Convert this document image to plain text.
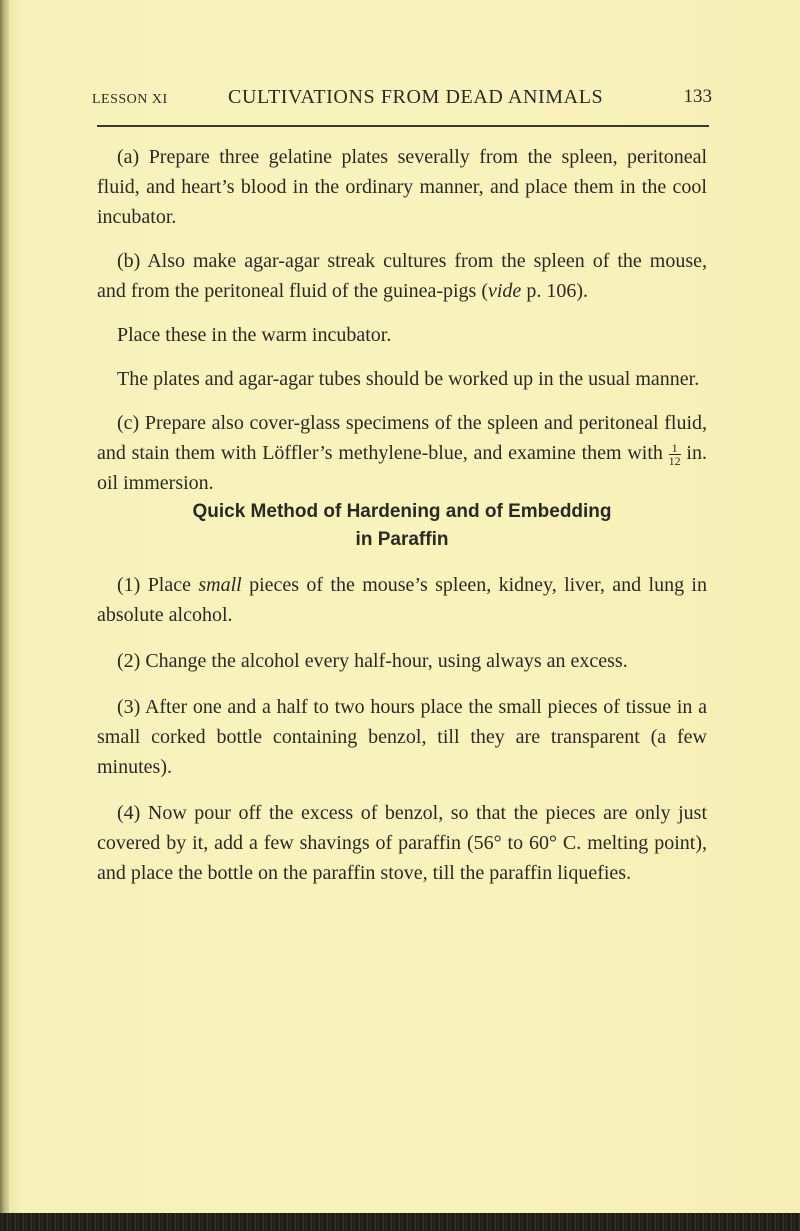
LESSON XI	CULTIVATIONS FROM DEAD ANIMALS	133

(a) Prepare three gelatine plates severally from the spleen, peritoneal fluid, and heart’s blood in the ordinary manner, and place them in the cool incubator.

(b) Also make agar-agar streak cultures from the spleen of the mouse, and from the peritoneal fluid of the guinea-pigs (vide p. 106).

Place these in the warm incubator.

The plates and agar-agar tubes should be worked up in the usual manner.

(c) Prepare also cover-glass specimens of the spleen and peritoneal fluid, and stain them with Löffler’s methylene-blue, and examine them with $\frac{1}{12}$ in. oil immersion.

Quick Method of Hardening and of Embedding
in Paraffin

(1) Place small pieces of the mouse’s spleen, kidney, liver, and lung in absolute alcohol.

(2) Change the alcohol every half-hour, using always an excess.

(3) After one and a half to two hours place the small pieces of tissue in a small corked bottle containing benzol, till they are transparent (a few minutes).

(4) Now pour off the excess of benzol, so that the pieces are only just covered by it, add a few shavings of paraffin (56° to 60° C. melting point), and place the bottle on the paraffin stove, till the paraffin liquefies.
